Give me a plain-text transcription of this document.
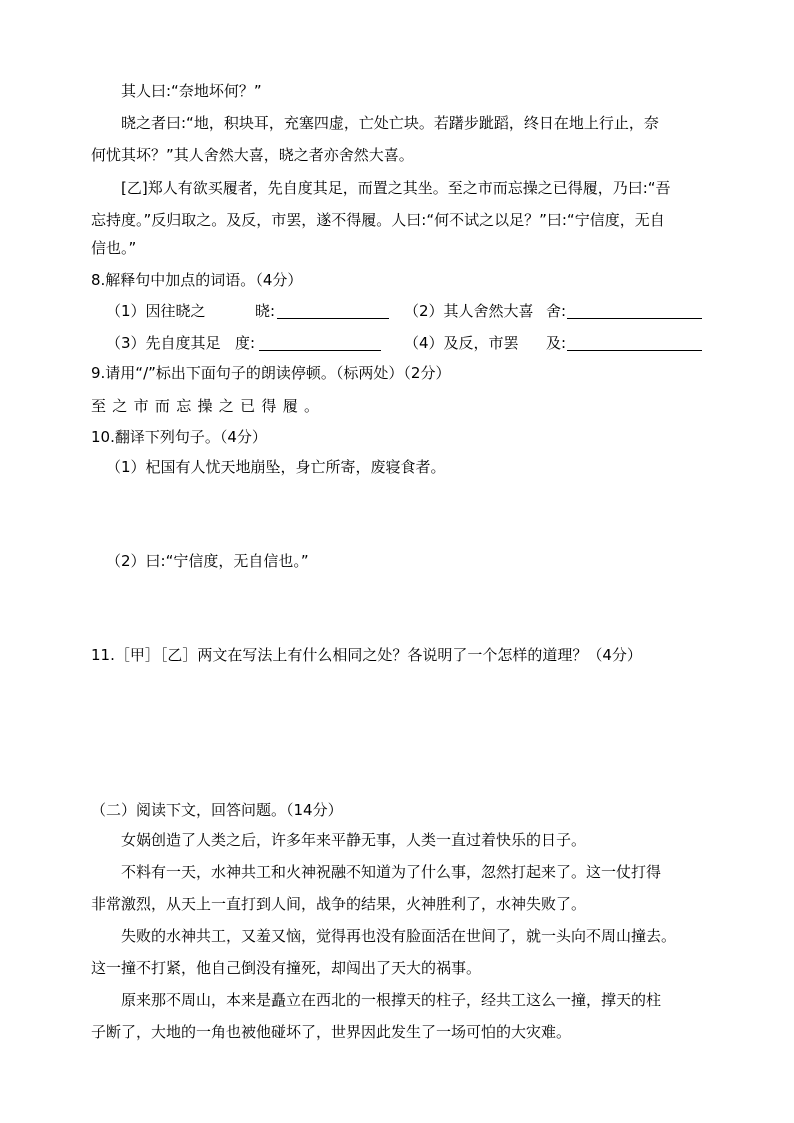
其人曰:“奈地坏何？”
晓之者曰:“地，积块耳，充塞四虚，亡处亡块。若躇步跐蹈，终日在地上行止，奈
何忧其坏？”其人舍然大喜，晓之者亦舍然大喜。
[乙]郑人有欲买履者，先自度其足，而置之其坐。至之市而忘操之已得履，乃曰:“吾
忘持度。”反归取之。及反，市罢，遂不得履。人曰:“何不试之以足？”曰:“宁信度，无自
信也。”
8.解释句中加点的词语。（4分）
（1）因往晓之	晓:	（2）其人舍然大喜 舍:
（3）先自度其足 度:	（4）及反，市罢 及:
9.请用“/”标出下面句子的朗读停顿。（标两处）（2分）
至之市而忘操之已得履。
10.翻译下列句子。（4分）
（1）杞国有人忧天地崩坠，身亡所寄，废寝食者。
（2）曰:“宁信度，无自信也。”
11.［甲］［乙］两文在写法上有什么相同之处？各说明了一个怎样的道理？（4分）
（二）阅读下文，回答问题。（14分）
女娲创造了人类之后，许多年来平静无事，人类一直过着快乐的日子。
不料有一天，水神共工和火神祝融不知道为了什么事，忽然打起来了。这一仗打得
非常激烈，从天上一直打到人间，战争的结果，火神胜利了，水神失败了。
失败的水神共工，又羞又恼，觉得再也没有脸面活在世间了，就一头向不周山撞去。
这一撞不打紧，他自己倒没有撞死，却闯出了天大的祸事。
原来那不周山，本来是矗立在西北的一根撑天的柱子，经共工这么一撞，撑天的柱
子断了，大地的一角也被他碰坏了，世界因此发生了一场可怕的大灾难。
